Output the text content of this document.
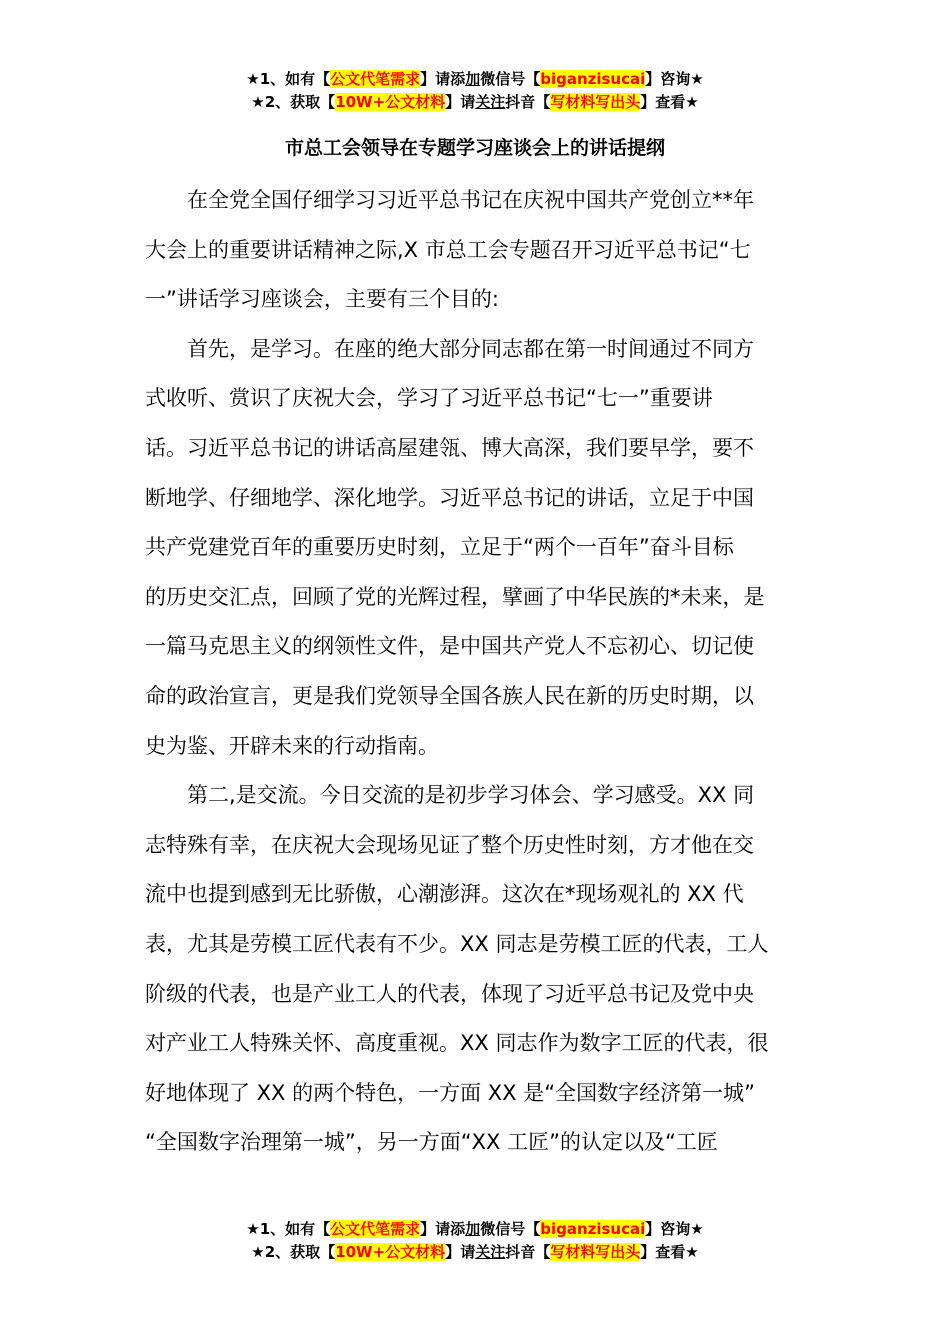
★1、如有【公文代笔需求】请添加微信号【biganzisucai】咨询★
★2、获取【10W+公文材料】请关注抖音【写材料写出头】查看★
市总工会领导在专题学习座谈会上的讲话提纲
在全党全国仔细学习习近平总书记在庆祝中国共产党创立**年
大会上的重要讲话精神之际,X 市总工会专题召开习近平总书记“七
一”讲话学习座谈会，主要有三个目的:
首先，是学习。在座的绝大部分同志都在第一时间通过不同方
式收听、赏识了庆祝大会，学习了习近平总书记“七一”重要讲
话。习近平总书记的讲话高屋建瓴、博大高深，我们要早学，要不
断地学、仔细地学、深化地学。习近平总书记的讲话，立足于中国
共产党建党百年的重要历史时刻，立足于“两个一百年”奋斗目标
的历史交汇点，回顾了党的光辉过程，擘画了中华民族的*未来，是
一篇马克思主义的纲领性文件，是中国共产党人不忘初心、切记使
命的政治宣言，更是我们党领导全国各族人民在新的历史时期，以
史为鉴、开辟未来的行动指南。
第二,是交流。今日交流的是初步学习体会、学习感受。XX 同
志特殊有幸，在庆祝大会现场见证了整个历史性时刻，方才他在交
流中也提到感到无比骄傲，心潮澎湃。这次在*现场观礼的 XX 代
表，尤其是劳模工匠代表有不少。XX 同志是劳模工匠的代表，工人
阶级的代表，也是产业工人的代表，体现了习近平总书记及党中央
对产业工人特殊关怀、高度重视。XX 同志作为数字工匠的代表，很
好地体现了 XX 的两个特色，一方面 XX 是“全国数字经济第一城”
“全国数字治理第一城”，另一方面“XX 工匠”的认定以及“工匠
★1、如有【公文代笔需求】请添加微信号【biganzisucai】咨询★
★2、获取【10W+公文材料】请关注抖音【写材料写出头】查看★
